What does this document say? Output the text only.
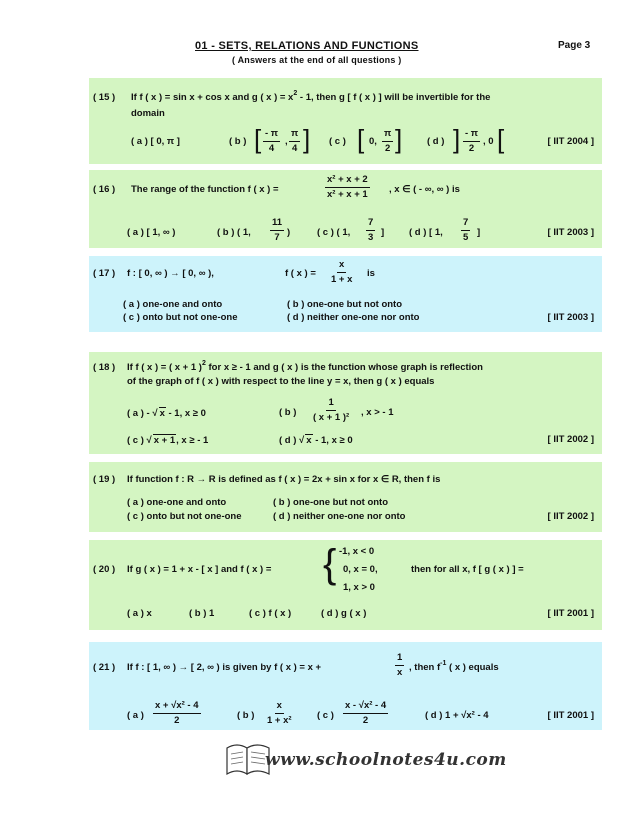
01 - SETS, RELATIONS AND FUNCTIONS	Page 3
( Answers at the end of all questions )
( 15 ) If f ( x ) = sin x + cos x and g ( x ) = $x^2 - 1$, then g [ f ( x ) ] will be invertible for the
domain
( a ) [ 0, π ]	( b ) [ $\frac{- \pi}{4}$ , $\frac{\pi}{4}$ ] ( c ) [ 0, $\frac{\pi}{2}$ ]	( d ) ] $\frac{- \pi}{2}$ , 0 [	[ IIT 2004 ]
( 16 ) The range of the function f ( x ) =	$\frac{\text{x² + x + 2}}{\text{x² + x + 1}}$ , x ∈ ( - ∞, ∞ ) is
( a ) [ 1, ∞ )	( b ) ( 1, $\frac{11}{7}$ )	( c ) ( 1, $\frac{7}{3}$ ]	( d ) [ 1, $\frac{7}{5}$ ]	[ IIT 2003 ]
( 17 ) f : [ 0, ∞ ) → [ 0, ∞ ),	f ( x ) = $\frac{x}{1 + x}$ is
( a ) one-one and onto	( b ) one-one but not onto
( c ) onto but not one-one	( d ) neither one-one nor onto	[ IIT 2003 ]
( 18 ) If f ( x ) = ( x + 1 )$^2$ for x ≥ - 1 and g ( x ) is the function whose graph is reflection
of the graph of f ( x ) with respect to the line y = x, then g ( x ) equals
( a ) - √ x - 1, x ≥ 0	( b ) $\frac{1}{\text{( x + 1 )²}}$ , x > - 1
( c ) √ x + 1, x ≥ - 1	( d ) √ x - 1, x ≥ 0	[ IIT 2002 ]
( 19 ) If function f : R → R is defined as f ( x ) = 2x + sin x for x ∈ R, then f is
( a ) one-one and onto	( b ) one-one but not onto
( c ) onto but not one-one	( d ) neither one-one nor onto	[ IIT 2002 ]
( 20 ) If g ( x ) = 1 + x - [ x ] and f ( x ) = { -1, x < 0
0, x = 0,
1, x > 0
then for all x, f [ g ( x ) ] =
( a ) x	( b ) 1	( c ) f ( x )	( d ) g ( x )	[ IIT 2001 ]
( 21 ) If f : [ 1, ∞ ) → [ 2, ∞ ) is given by f ( x ) = x +	$\frac{1}{x}$ , then $f^{-1}$ ( x ) equals
( a ) $\frac{\text{x + √x² - 4}}{2}$	( b ) $\frac{x}{\text{1 + x²}}$ ( c ) $\frac{\text{x - √x² - 4}}{2}$	( d ) 1 + √x² - 4	[ IIT 2001 ]
www.schoolnotes4u.com
